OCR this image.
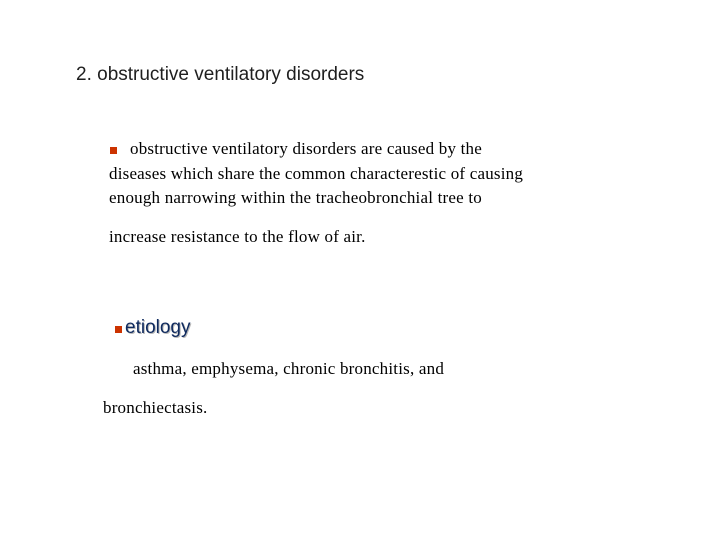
2. obstructive ventilatory disorders
obstructive ventilatory disorders are caused by the
diseases which share the common characterestic of causing
enough narrowing within the tracheobronchial tree to
increase resistance to the flow of air.
etiology
asthma, emphysema, chronic bronchitis, and
bronchiectasis.
